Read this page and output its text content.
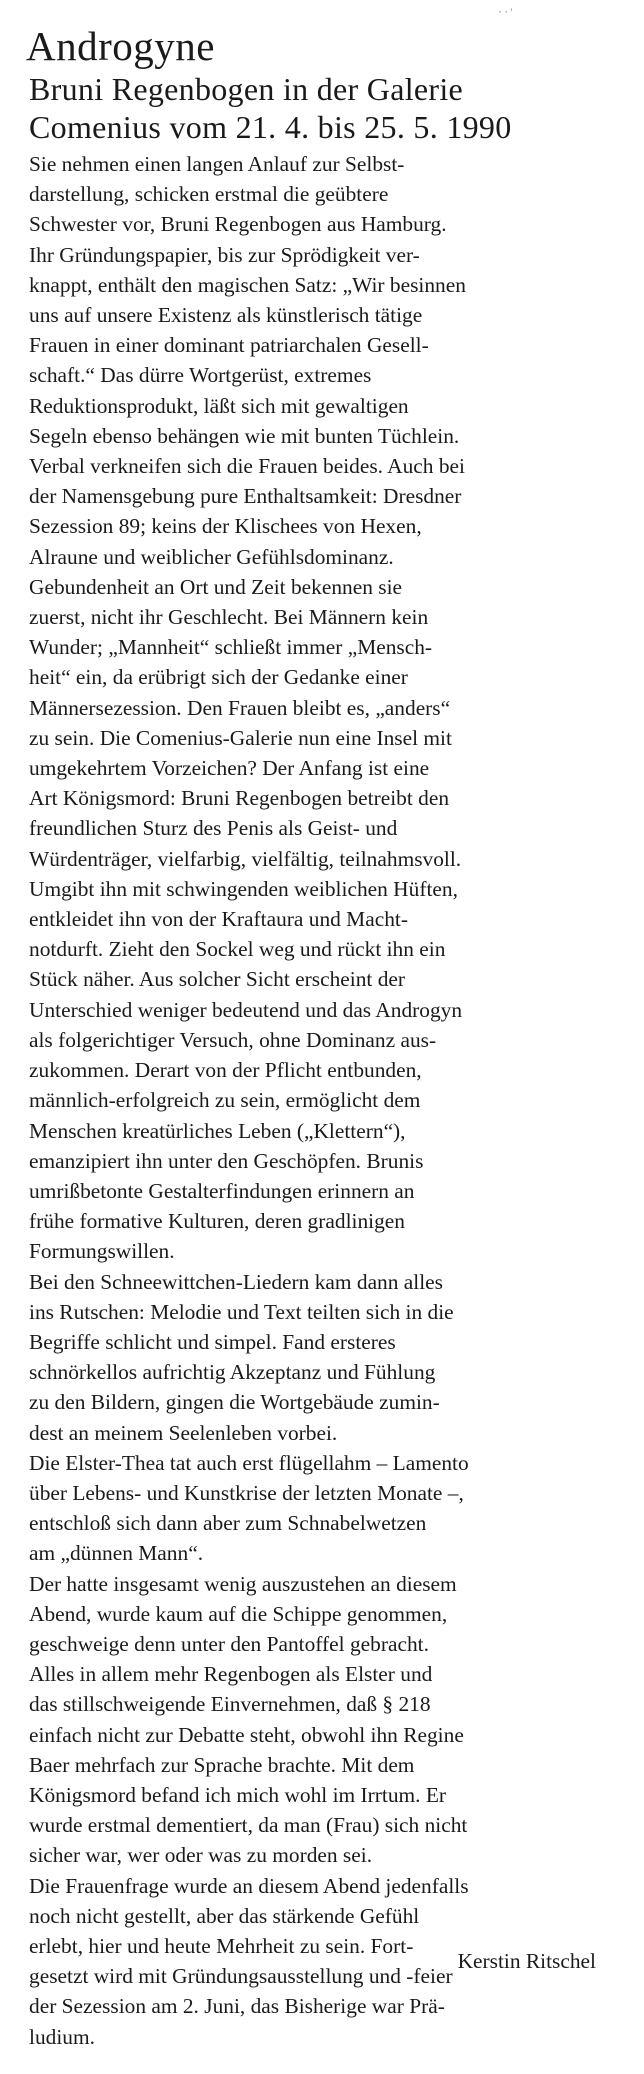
⋅⋅′
Androgyne
Bruni Regenbogen in der Galerie
Comenius vom 21. 4. bis 25. 5. 1990

Sie nehmen einen langen Anlauf zur Selbst-
darstellung, schicken erstmal die geübtere
Schwester vor, Bruni Regenbogen aus Hamburg.
Ihr Gründungspapier, bis zur Sprödigkeit ver-
knappt, enthält den magischen Satz: „Wir besinnen
uns auf unsere Existenz als künstlerisch tätige
Frauen in einer dominant patriarchalen Gesell-
schaft.“ Das dürre Wortgerüst, extremes
Reduktionsprodukt, läßt sich mit gewaltigen
Segeln ebenso behängen wie mit bunten Tüchlein.
Verbal verkneifen sich die Frauen beides. Auch bei
der Namensgebung pure Enthaltsamkeit: Dresdner
Sezession 89; keins der Klischees von Hexen,
Alraune und weiblicher Gefühlsdominanz.
Gebundenheit an Ort und Zeit bekennen sie
zuerst, nicht ihr Geschlecht. Bei Männern kein
Wunder; „Mannheit“ schließt immer „Mensch-
heit“ ein, da erübrigt sich der Gedanke einer
Männersezession. Den Frauen bleibt es, „anders“
zu sein. Die Comenius-Galerie nun eine Insel mit
umgekehrtem Vorzeichen? Der Anfang ist eine
Art Königsmord: Bruni Regenbogen betreibt den
freundlichen Sturz des Penis als Geist- und
Würdenträger, vielfarbig, vielfältig, teilnahmsvoll.
Umgibt ihn mit schwingenden weiblichen Hüften,
entkleidet ihn von der Kraftaura und Macht-
notdurft. Zieht den Sockel weg und rückt ihn ein
Stück näher. Aus solcher Sicht erscheint der
Unterschied weniger bedeutend und das Androgyn
als folgerichtiger Versuch, ohne Dominanz aus-
zukommen. Derart von der Pflicht entbunden,
männlich-erfolgreich zu sein, ermöglicht dem
Menschen kreatürliches Leben („Klettern“),
emanzipiert ihn unter den Geschöpfen. Brunis
umrißbetonte Gestalterfindungen erinnern an
frühe formative Kulturen, deren gradlinigen
Formungswillen.

Bei den Schneewittchen-Liedern kam dann alles
ins Rutschen: Melodie und Text teilten sich in die
Begriffe schlicht und simpel. Fand ersteres
schnörkellos aufrichtig Akzeptanz und Fühlung
zu den Bildern, gingen die Wortgebäude zumin-
dest an meinem Seelenleben vorbei.

Die Elster-Thea tat auch erst flügellahm – Lamento
über Lebens- und Kunstkrise der letzten Monate –,
entschloß sich dann aber zum Schnabelwetzen
am „dünnen Mann“.

Der hatte insgesamt wenig auszustehen an diesem
Abend, wurde kaum auf die Schippe genommen,
geschweige denn unter den Pantoffel gebracht.
Alles in allem mehr Regenbogen als Elster und
das stillschweigende Einvernehmen, daß § 218
einfach nicht zur Debatte steht, obwohl ihn Regine
Baer mehrfach zur Sprache brachte. Mit dem
Königsmord befand ich mich wohl im Irrtum. Er
wurde erstmal dementiert, da man (Frau) sich nicht
sicher war, wer oder was zu morden sei.

Die Frauenfrage wurde an diesem Abend jedenfalls
noch nicht gestellt, aber das stärkende Gefühl
erlebt, hier und heute Mehrheit zu sein. Fort-
gesetzt wird mit Gründungsausstellung und -feier
der Sezession am 2. Juni, das Bisherige war Prä-
ludium.

Kerstin Ritschel
